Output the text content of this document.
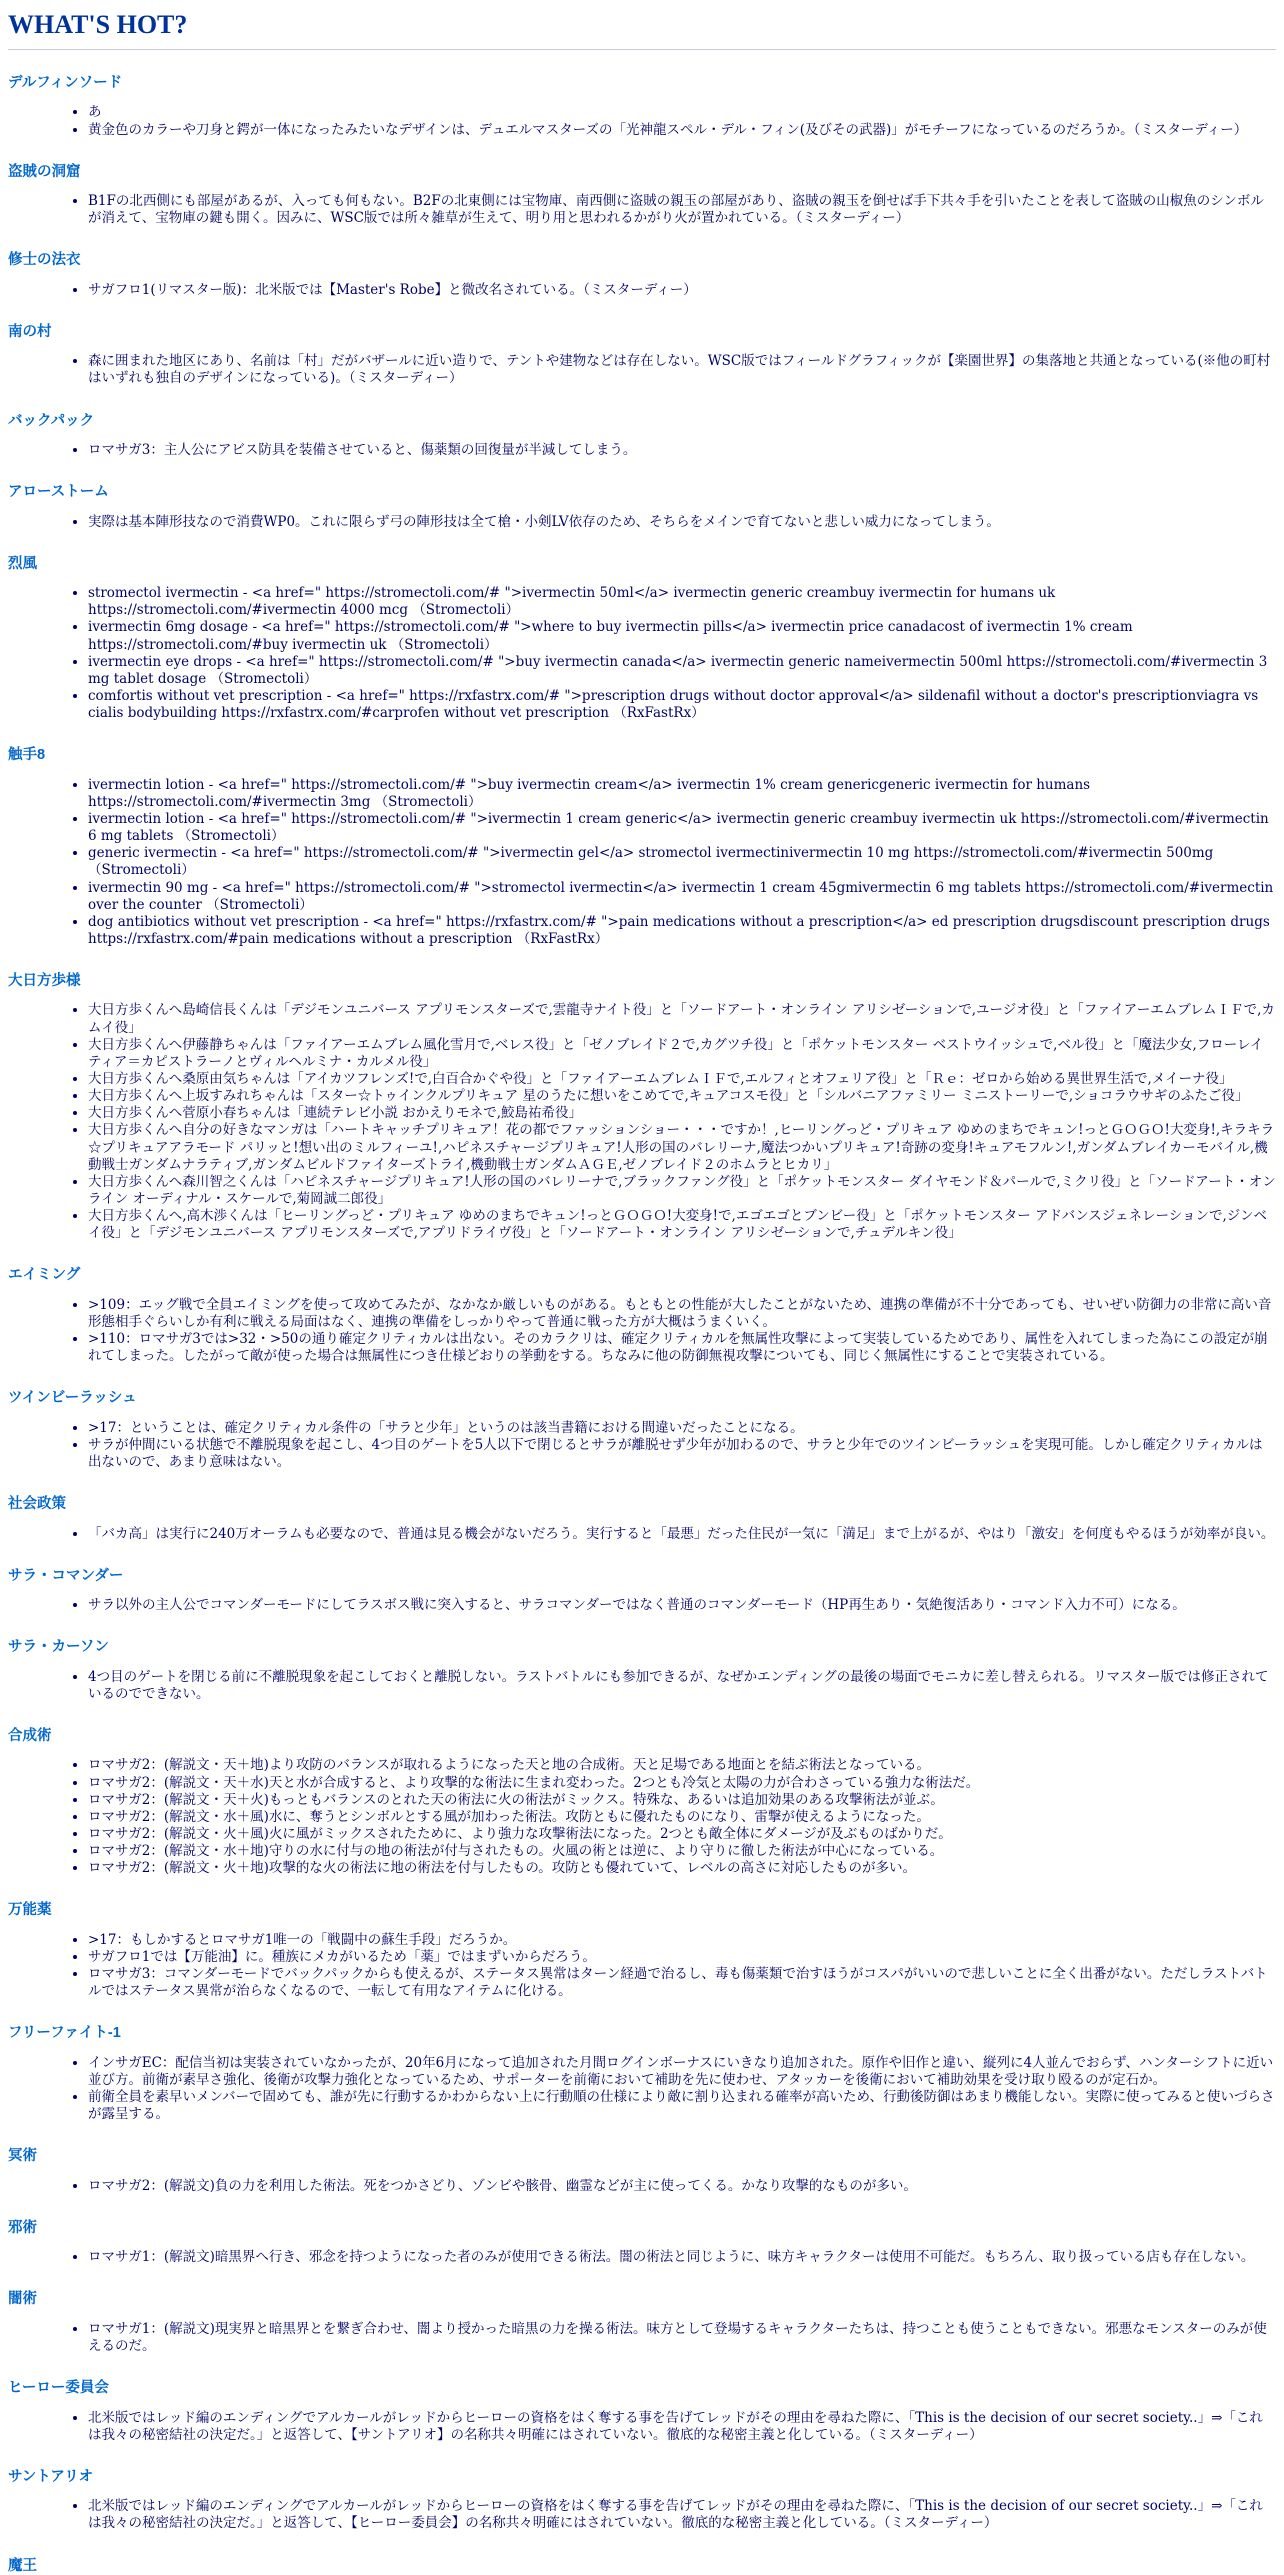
WHAT'S HOT?
デルフィンソード
• あ
• 黄金色のカラーや刀身と鍔が一体になったみたいなデザインは、デュエルマスターズの「光神龍スペル・デル・フィン(及びその武器)」がモチーフになっているのだろうか。（ミスターディー）
盗賊の洞窟
• B1Fの北西側にも部屋があるが、入っても何もない。B2Fの北東側には宝物庫、南西側に盗賊の親玉の部屋があり、盗賊の親玉を倒せば手下共々手を引いたことを表して盗賊の山椒魚のシンボルが消えて、宝物庫の鍵も開く。因みに、WSC版では所々雑草が生えて、明り用と思われるかがり火が置かれている。（ミスターディー）
修士の法衣
• サガフロ1(リマスター版)：北米版では【Master's Robe】と微改名されている。（ミスターディー）
南の村
• 森に囲まれた地区にあり、名前は「村」だがバザールに近い造りで、テントや建物などは存在しない。WSC版ではフィールドグラフィックが【楽園世界】の集落地と共通となっている(※他の町村はいずれも独自のデザインになっている)。（ミスターディー）
バックパック
• ロマサガ3：主人公にアビス防具を装備させていると、傷薬類の回復量が半減してしまう。
アローストーム
• 実際は基本陣形技なので消費WP0。これに限らず弓の陣形技は全て槍・小剣LV依存のため、そちらをメインで育てないと悲しい威力になってしまう。
烈風
• stromectol ivermectin - <a href=" https://stromectoli.com/# ">ivermectin 50ml</a> ivermectin generic creambuy ivermectin for humans uk https://stromectoli.com/#ivermectin 4000 mcg （Stromectoli）
• ivermectin 6mg dosage - <a href=" https://stromectoli.com/# ">where to buy ivermectin pills</a> ivermectin price canadacost of ivermectin 1% cream https://stromectoli.com/#buy ivermectin uk （Stromectoli）
• ivermectin eye drops - <a href=" https://stromectoli.com/# ">buy ivermectin canada</a> ivermectin generic nameivermectin 500ml https://stromectoli.com/#ivermectin 3 mg tablet dosage （Stromectoli）
• comfortis without vet prescription - <a href=" https://rxfastrx.com/# ">prescription drugs without doctor approval</a> sildenafil without a doctor's prescriptionviagra vs cialis bodybuilding https://rxfastrx.com/#carprofen without vet prescription （RxFastRx）
触手8
• ivermectin lotion - <a href=" https://stromectoli.com/# ">buy ivermectin cream</a> ivermectin 1% cream genericgeneric ivermectin for humans https://stromectoli.com/#ivermectin 3mg （Stromectoli）
• ivermectin lotion - <a href=" https://stromectoli.com/# ">ivermectin 1 cream generic</a> ivermectin generic creambuy ivermectin uk https://stromectoli.com/#ivermectin 6 mg tablets （Stromectoli）
• generic ivermectin - <a href=" https://stromectoli.com/# ">ivermectin gel</a> stromectol ivermectinivermectin 10 mg https://stromectoli.com/#ivermectin 500mg （Stromectoli）
• ivermectin 90 mg - <a href=" https://stromectoli.com/# ">stromectol ivermectin</a> ivermectin 1 cream 45gmivermectin 6 mg tablets https://stromectoli.com/#ivermectin over the counter （Stromectoli）
• dog antibiotics without vet prescription - <a href=" https://rxfastrx.com/# ">pain medications without a prescription</a> ed prescription drugsdiscount prescription drugs https://rxfastrx.com/#pain medications without a prescription （RxFastRx）
大日方歩様
• 大日方歩くんへ島崎信長くんは「デジモンユニバース アプリモンスターズで,雲龍寺ナイト役」と「ソードアート・オンライン アリシゼーションで,ユージオ役」と「ファイアーエムブレムＩＦで,カムイ役」
• 大日方歩くんへ伊藤静ちゃんは「ファイアーエムブレム風化雪月で,ベレス役」と「ゼノブレイド２で,カグツチ役」と「ポケットモンスター ベストウイッシュで,ベル役」と「魔法少女,フローレイティア＝カピストラーノとヴィルヘルミナ・カルメル役」
• 大日方歩くんへ桑原由気ちゃんは「アイカツフレンズ!で,白百合かぐや役」と「ファイアーエムブレムＩＦで,エルフィとオフェリア役」と「Ｒｅ：ゼロから始める異世界生活で,メイーナ役」
• 大日方歩くんへ上坂すみれちゃんは「スター☆トゥインクルプリキュア 星のうたに想いをこめてで,キュアコスモ役」と「シルバニアファミリー ミニストーリーで,ショコラウサギのふたご役」
• 大日方歩くんへ菅原小春ちゃんは「連続テレビ小説 おかえりモネで,鮫島祐希役」
• 大日方歩くんへ自分の好きなマンガは「ハートキャッチプリキュア！花の都でファッションショー・・・ですか！,ヒーリングっど・プリキュア ゆめのまちでキュン!っとＧＯＧＯ!大変身!,キラキラ☆プリキュアアラモード パリッと!想い出のミルフィーユ!,ハピネスチャージプリキュア!人形の国のバレリーナ,魔法つかいプリキュア!奇跡の変身!キュアモフルン!,ガンダムブレイカーモバイル,機動戦士ガンダムナラティブ,ガンダムビルドファイターズトライ,機動戦士ガンダムＡＧＥ,ゼノブレイド２のホムラとヒカリ」
• 大日方歩くんへ森川智之くんは「ハピネスチャージプリキュア!人形の国のバレリーナで,ブラックファング役」と「ポケットモンスター ダイヤモンド＆パールで,ミクリ役」と「ソードアート・オンライン オーディナル・スケールで,菊岡誠二郎役」
• 大日方歩くんへ,高木渉くんは「ヒーリングっど・プリキュア ゆめのまちでキュン!っとＧＯＧＯ!大変身!で,エゴエゴとブンビー役」と「ポケットモンスター アドバンスジェネレーションで,ジンベイ役」と「デジモンユニバース アプリモンスターズで,アプリドライヴ役」と「ソードアート・オンライン アリシゼーションで,チュデルキン役」
エイミング
• >109：エッグ戦で全員エイミングを使って攻めてみたが、なかなか厳しいものがある。もともとの性能が大したことがないため、連携の準備が不十分であっても、せいぜい防御力の非常に高い音形態相手ぐらいしか有利に戦える局面はなく、連携の準備をしっかりやって普通に戦った方が大概はうまくいく。
• >110：ロマサガ3では>32・>50の通り確定クリティカルは出ない。そのカラクリは、確定クリティカルを無属性攻撃によって実装しているためであり、属性を入れてしまった為にこの設定が崩れてしまった。したがって敵が使った場合は無属性につき仕様どおりの挙動をする。ちなみに他の防御無視攻撃についても、同じく無属性にすることで実装されている。
ツインビーラッシュ
• >17：ということは、確定クリティカル条件の「サラと少年」というのは該当書籍における間違いだったことになる。
• サラが仲間にいる状態で不離脱現象を起こし、4つ目のゲートを5人以下で閉じるとサラが離脱せず少年が加わるので、サラと少年でのツインビーラッシュを実現可能。しかし確定クリティカルは出ないので、あまり意味はない。
社会政策
• 「バカ高」は実行に240万オーラムも必要なので、普通は見る機会がないだろう。実行すると「最悪」だった住民が一気に「満足」まで上がるが、やはり「激安」を何度もやるほうが効率が良い。
サラ・コマンダー
• サラ以外の主人公でコマンダーモードにしてラスボス戦に突入すると、サラコマンダーではなく普通のコマンダーモード（HP再生あり・気絶復活あり・コマンド入力不可）になる。
サラ・カーソン
• 4つ目のゲートを閉じる前に不離脱現象を起こしておくと離脱しない。ラストバトルにも参加できるが、なぜかエンディングの最後の場面でモニカに差し替えられる。リマスター版では修正されているのでできない。
合成術
• ロマサガ2：(解説文・天＋地)より攻防のバランスが取れるようになった天と地の合成術。天と足場である地面とを結ぶ術法となっている。
• ロマサガ2：(解説文・天＋水)天と水が合成すると、より攻撃的な術法に生まれ変わった。2つとも冷気と太陽の力が合わさっている強力な術法だ。
• ロマサガ2：(解説文・天＋火)もっともバランスのとれた天の術法に火の術法がミックス。特殊な、あるいは追加効果のある攻撃術法が並ぶ。
• ロマサガ2：(解説文・水＋風)水に、奪うとシンボルとする風が加わった術法。攻防ともに優れたものになり、雷撃が使えるようになった。
• ロマサガ2：(解説文・火＋風)火に風がミックスされたために、より強力な攻撃術法になった。2つとも敵全体にダメージが及ぶものばかりだ。
• ロマサガ2：(解説文・水＋地)守りの水に付与の地の術法が付与されたもの。火風の術とは逆に、より守りに徹した術法が中心になっている。
• ロマサガ2：(解説文・火＋地)攻撃的な火の術法に地の術法を付与したもの。攻防とも優れていて、レベルの高さに対応したものが多い。
万能薬
• >17：もしかするとロマサガ1唯一の「戦闘中の蘇生手段」だろうか。
• サガフロ1では【万能油】に。種族にメカがいるため「薬」ではまずいからだろう。
• ロマサガ3：コマンダーモードでバックパックからも使えるが、ステータス異常はターン経過で治るし、毒も傷薬類で治すほうがコスパがいいので悲しいことに全く出番がない。ただしラストバトルではステータス異常が治らなくなるので、一転して有用なアイテムに化ける。
フリーファイト-1
• インサガEC：配信当初は実装されていなかったが、20年6月になって追加された月間ログインボーナスにいきなり追加された。原作や旧作と違い、縦列に4人並んでおらず、ハンターシフトに近い並び方。前衛が素早さ強化、後衛が攻撃力強化となっているため、サポーターを前衛において補助を先に使わせ、アタッカーを後衛において補助効果を受け取り殴るのが定石か。
• 前衛全員を素早いメンバーで固めても、誰が先に行動するかわからない上に行動順の仕様により敵に割り込まれる確率が高いため、行動後防御はあまり機能しない。実際に使ってみると使いづらさが露呈する。
冥術
• ロマサガ2：(解説文)負の力を利用した術法。死をつかさどり、ゾンビや骸骨、幽霊などが主に使ってくる。かなり攻撃的なものが多い。
邪術
• ロマサガ1：(解説文)暗黒界へ行き、邪念を持つようになった者のみが使用できる術法。闇の術法と同じように、味方キャラクターは使用不可能だ。もちろん、取り扱っている店も存在しない。
闇術
• ロマサガ1：(解説文)現実界と暗黒界とを繋ぎ合わせ、闇より授かった暗黒の力を操る術法。味方として登場するキャラクターたちは、持つことも使うこともできない。邪悪なモンスターのみが使えるのだ。
ヒーロー委員会
• 北米版ではレッド編のエンディングでアルカールがレッドからヒーローの資格をはく奪する事を告げてレッドがその理由を尋ねた際に、「This is the decision of our secret society..」⇒「これは我々の秘密結社の決定だ。」と返答して、【サントアリオ】の名称共々明確にはされていない。徹底的な秘密主義と化している。（ミスターディー）
サントアリオ
• 北米版ではレッド編のエンディングでアルカールがレッドからヒーローの資格をはく奪する事を告げてレッドがその理由を尋ねた際に、「This is the decision of our secret society..」⇒「これは我々の秘密結社の決定だ。」と返答して、【ヒーロー委員会】の名称共々明確にはされていない。徹底的な秘密主義と化している。（ミスターディー）
魔王
